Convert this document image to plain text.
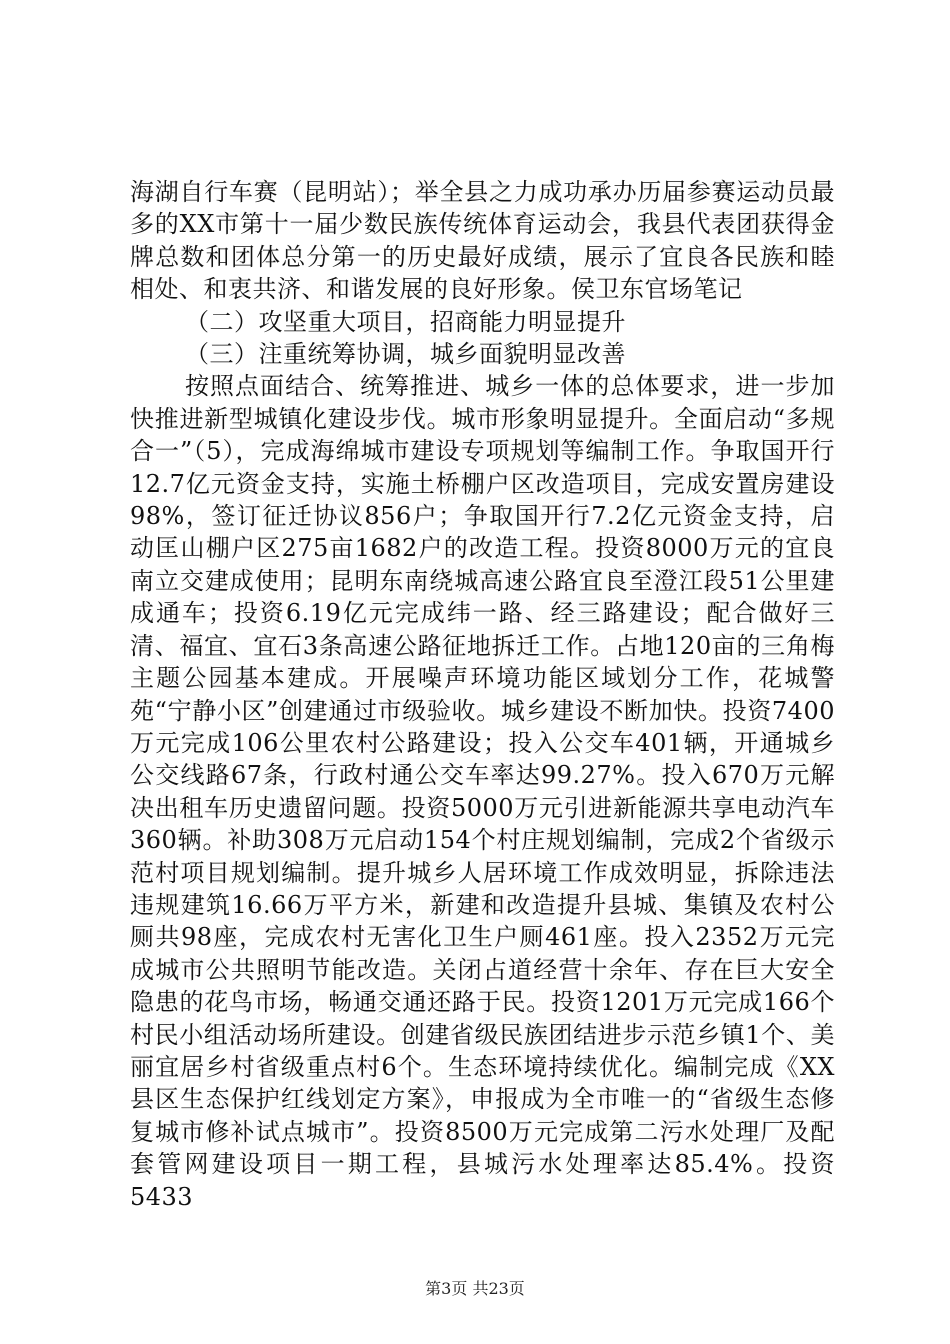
海湖自行车赛（昆明站）；举全县之力成功承办历届参赛运动员最多的XX市第十一届少数民族传统体育运动会，我县代表团获得金牌总数和团体总分第一的历史最好成绩，展示了宜良各民族和睦相处、和衷共济、和谐发展的良好形象。侯卫东官场笔记

（二）攻坚重大项目，招商能力明显提升

（三）注重统筹协调，城乡面貌明显改善

按照点面结合、统筹推进、城乡一体的总体要求，进一步加快推进新型城镇化建设步伐。城市形象明显提升。全面启动“多规合一”（5），完成海绵城市建设专项规划等编制工作。争取国开行12.7亿元资金支持，实施土桥棚户区改造项目，完成安置房建设98%，签订征迁协议856户；争取国开行7.2亿元资金支持，启动匡山棚户区275亩1682户的改造工程。投资8000万元的宜良南立交建成使用；昆明东南绕城高速公路宜良至澄江段51公里建成通车；投资6.19亿元完成纬一路、经三路建设；配合做好三清、福宜、宜石3条高速公路征地拆迁工作。占地120亩的三角梅主题公园基本建成。开展噪声环境功能区域划分工作，花城警苑“宁静小区”创建通过市级验收。城乡建设不断加快。投资7400万元完成106公里农村公路建设；投入公交车401辆，开通城乡公交线路67条，行政村通公交车率达99.27%。投入670万元解决出租车历史遗留问题。投资5000万元引进新能源共享电动汽车360辆。补助308万元启动154个村庄规划编制，完成2个省级示范村项目规划编制。提升城乡人居环境工作成效明显，拆除违法违规建筑16.66万平方米，新建和改造提升县城、集镇及农村公厕共98座，完成农村无害化卫生户厕461座。投入2352万元完成城市公共照明节能改造。关闭占道经营十余年、存在巨大安全隐患的花鸟市场，畅通交通还路于民。投资1201万元完成166个村民小组活动场所建设。创建省级民族团结进步示范乡镇1个、美丽宜居乡村省级重点村6个。生态环境持续优化。编制完成《XX县区生态保护红线划定方案》，申报成为全市唯一的“省级生态修复城市修补试点城市”。投资8500万元完成第二污水处理厂及配套管网建设项目一期工程，县城污水处理率达85.4%。投资5433

第3页 共23页
